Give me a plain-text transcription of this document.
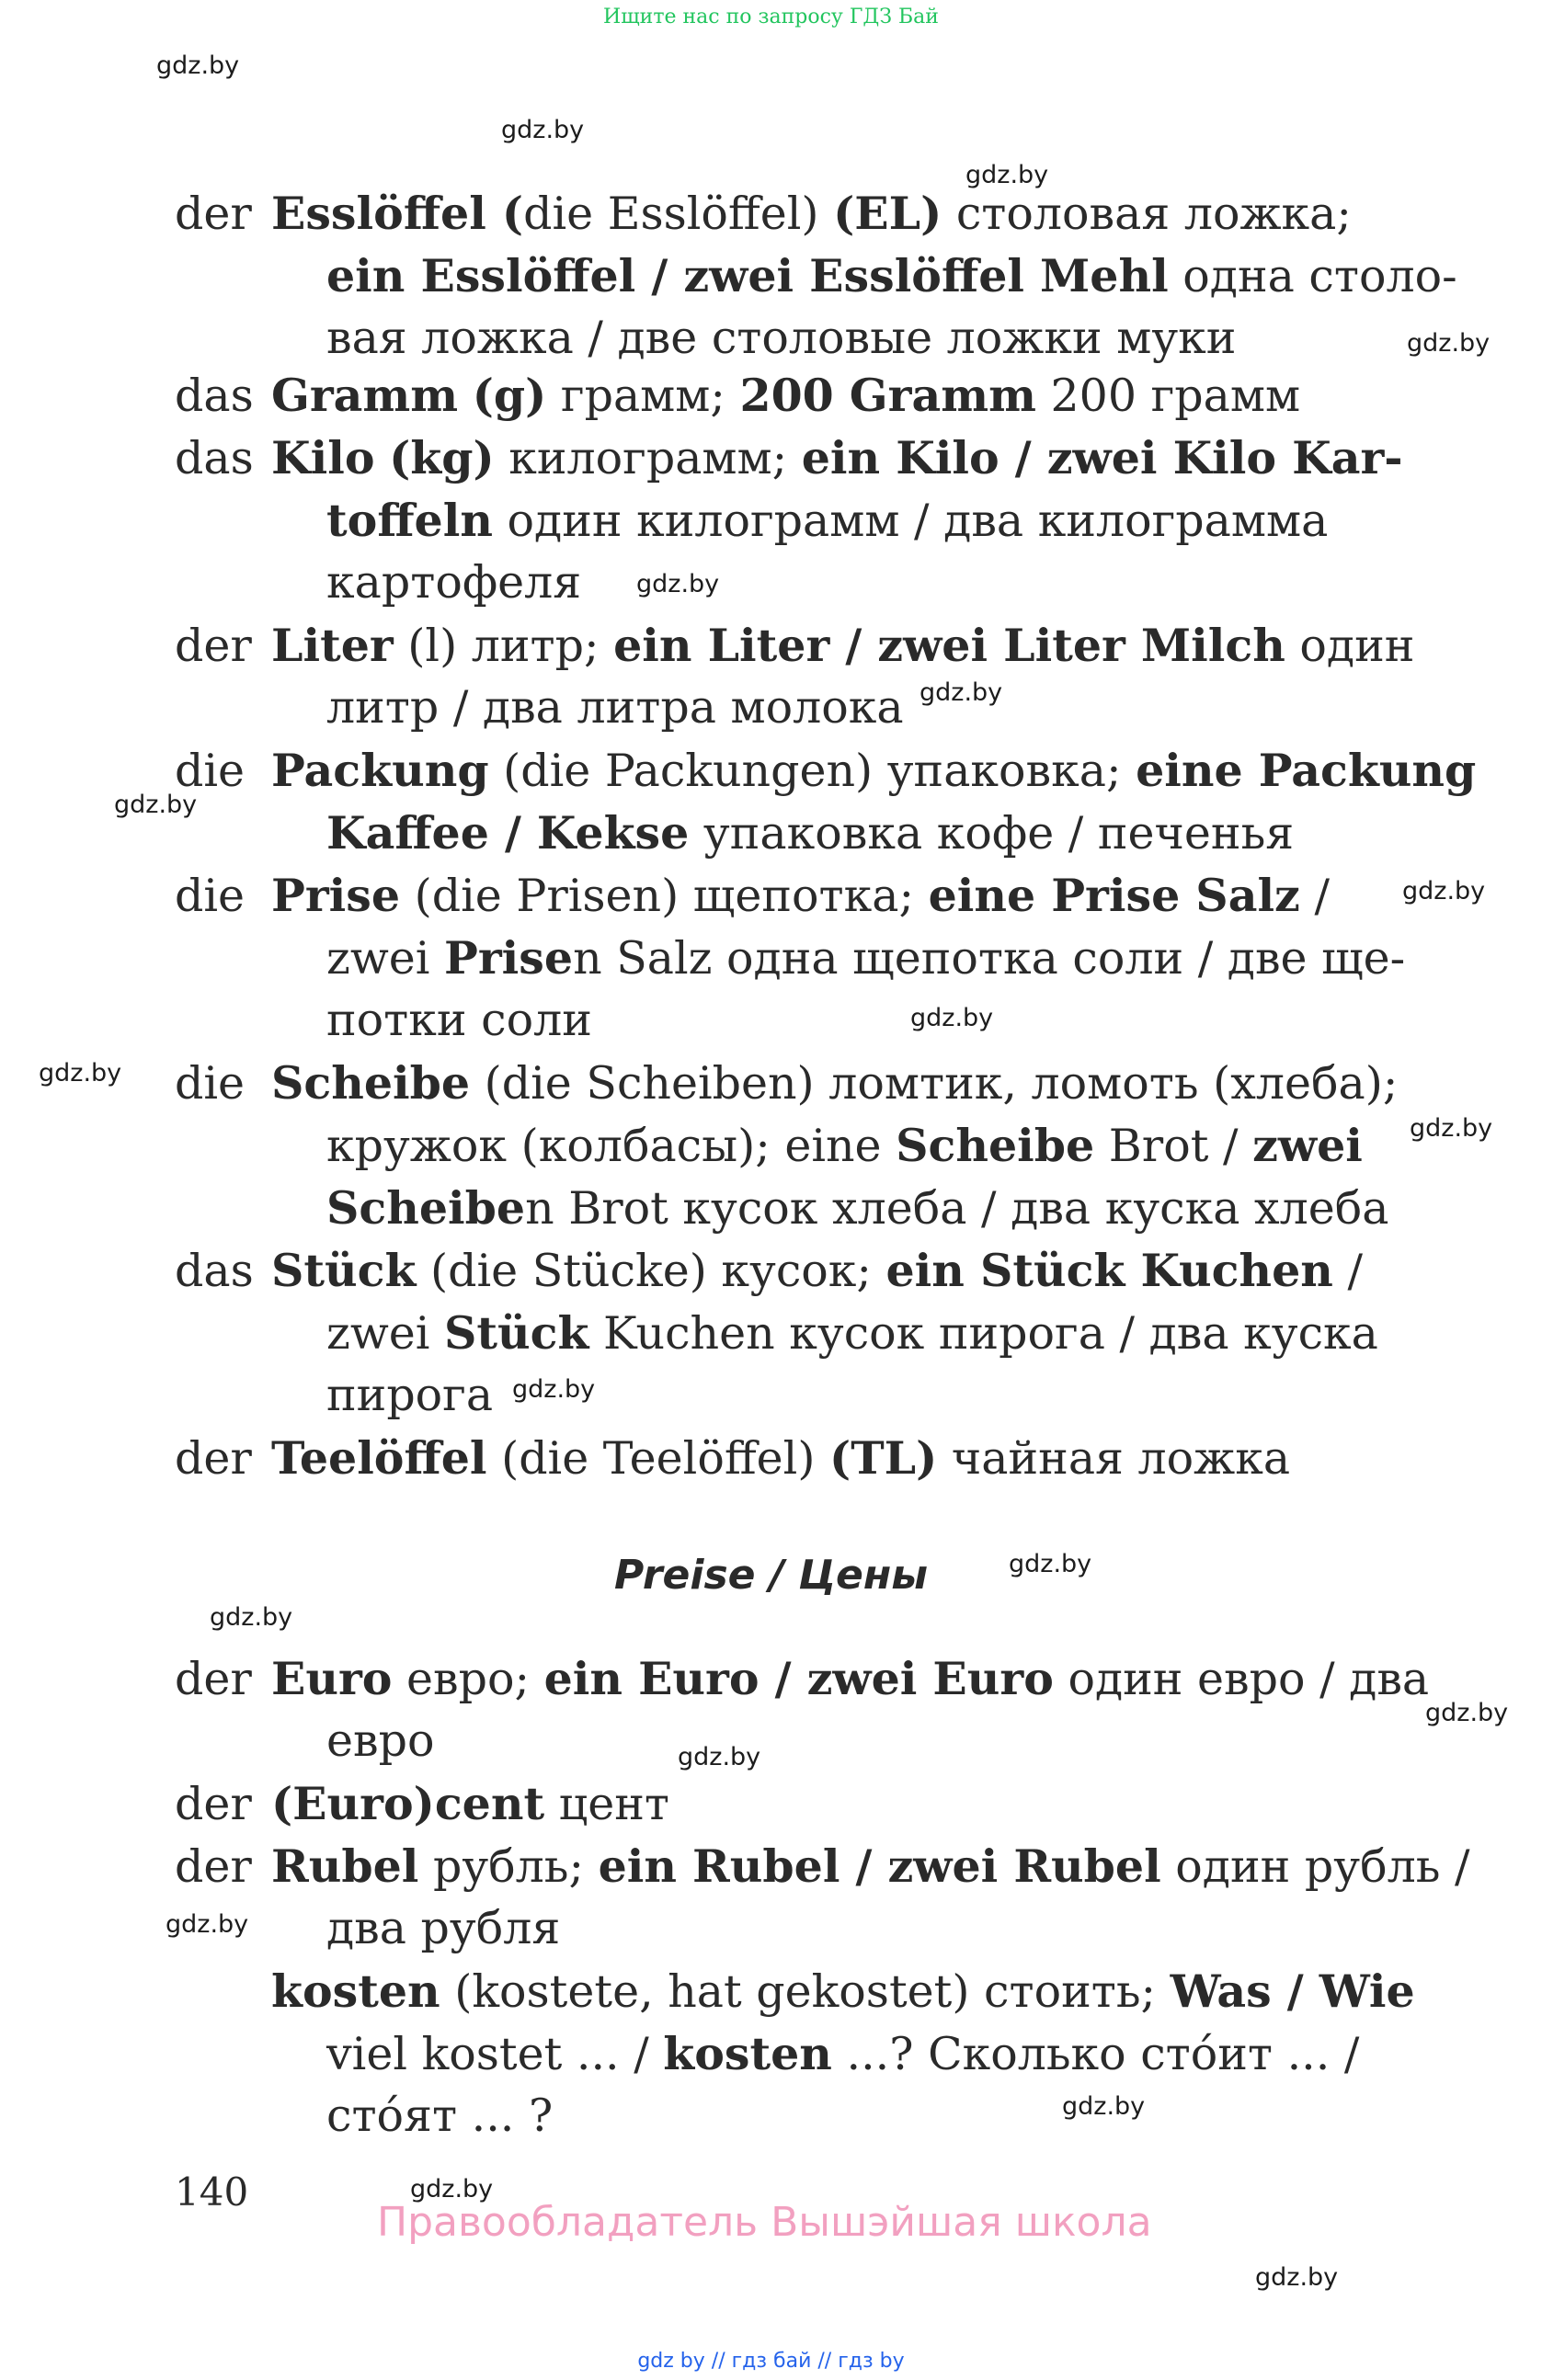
Ищите нас по запросу ГДЗ Бай
gdz.by
gdz.by
gdz.by
gdz.by
gdz.by
gdz.by
gdz.by
gdz.by
gdz.by
gdz.by
gdz.by
gdz.by
gdz.by
gdz.by
gdz.by
gdz.by
gdz.by
gdz.by
gdz.by
gdz.by
der Esslöffel (die Esslöffel) (EL) столовая ложка;
ein Esslöffel / zwei Esslöffel Mehl одна столо-
вая ложка / две столовые ложки муки
das Gramm (g) грамм; 200 Gramm 200 грамм
das Kilo (kg) килограмм; ein Kilo / zwei Kilo Kar-
toffeln один килограмм / два килограмма
картофеля
der Liter (l) литр; ein Liter / zwei Liter Milch один
литр / два литра молока
die Packung (die Packungen) упаковка; eine Packung
Kaffee / Kekse упаковка кофе / печенья
die Prise (die Prisen) щепотка; eine Prise Salz /
zwei Prisen Salz одна щепотка соли / две ще-
потки соли
die Scheibe (die Scheiben) ломтик, ломоть (хлеба);
кружок (колбасы); eine Scheibe Brot / zwei
Scheiben Brot кусок хлеба / два куска хлеба
das Stück (die Stücke) кусок; ein Stück Kuchen /
zwei Stück Kuchen кусок пирога / два куска
пирога
der Teelöffel (die Teelöffel) (TL) чайная ложка
der Euro евро; ein Euro / zwei Euro один евро / два
евро
der (Euro)cent цент
der Rubel рубль; ein Rubel / zwei Rubel один рубль /
два рубля
kosten (kostete, hat gekostet) стоить; Was / Wie
viel kostet ... / kosten ...? Сколько стóит ... /
стóят ... ?
Preise / Цены
140
Правообладатель Вышэйшая школа
gdz by // гдз бай // гдз by
